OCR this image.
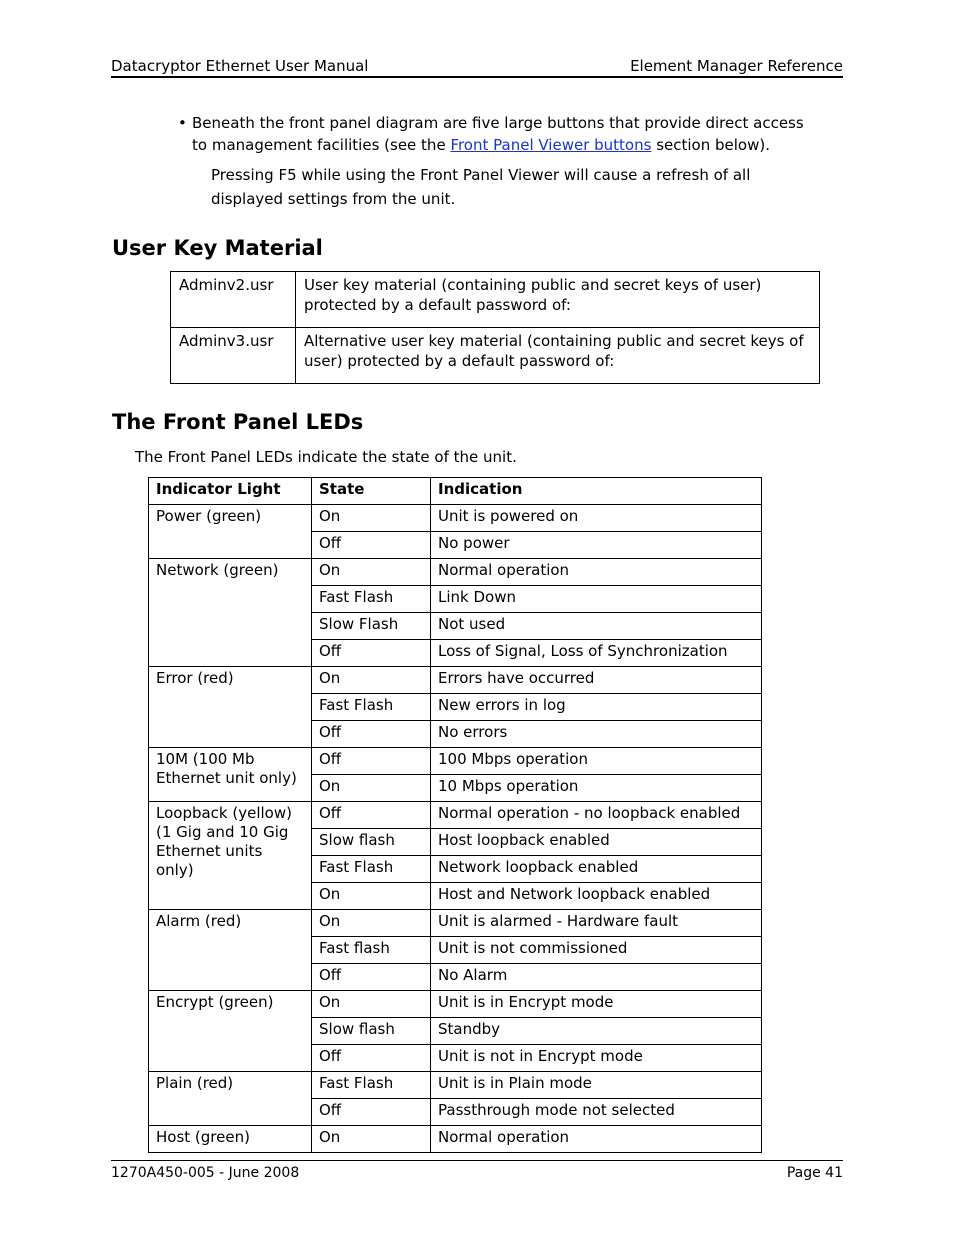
Datacryptor Ethernet User Manual	Element Manager Reference
• Beneath the front panel diagram are five large buttons that provide direct access to management facilities (see the Front Panel Viewer buttons section below).
Pressing F5 while using the Front Panel Viewer will cause a refresh of all displayed settings from the unit.
User Key Material
Adminv2.usr	User key material (containing public and secret keys of user) protected by a default password of:
Adminv3.usr	Alternative user key material (containing public and secret keys of user) protected by a default password of:
The Front Panel LEDs
The Front Panel LEDs indicate the state of the unit.
Indicator Light	State	Indication
Power (green)	On	Unit is powered on
	Off	No power
Network (green)	On	Normal operation
	Fast Flash	Link Down
	Slow Flash	Not used
	Off	Loss of Signal, Loss of Synchronization
Error (red)	On	Errors have occurred
	Fast Flash	New errors in log
	Off	No errors
10M (100 Mb Ethernet unit only)	Off	100 Mbps operation
	On	10 Mbps operation
Loopback (yellow) (1 Gig and 10 Gig Ethernet units only)	Off	Normal operation - no loopback enabled
	Slow flash	Host loopback enabled
	Fast Flash	Network loopback enabled
	On	Host and Network loopback enabled
Alarm (red)	On	Unit is alarmed - Hardware fault
	Fast flash	Unit is not commissioned
	Off	No Alarm
Encrypt (green)	On	Unit is in Encrypt mode
	Slow flash	Standby
	Off	Unit is not in Encrypt mode
Plain (red)	Fast Flash	Unit is in Plain mode
	Off	Passthrough mode not selected
Host (green)	On	Normal operation
1270A450-005 - June 2008	Page 41
